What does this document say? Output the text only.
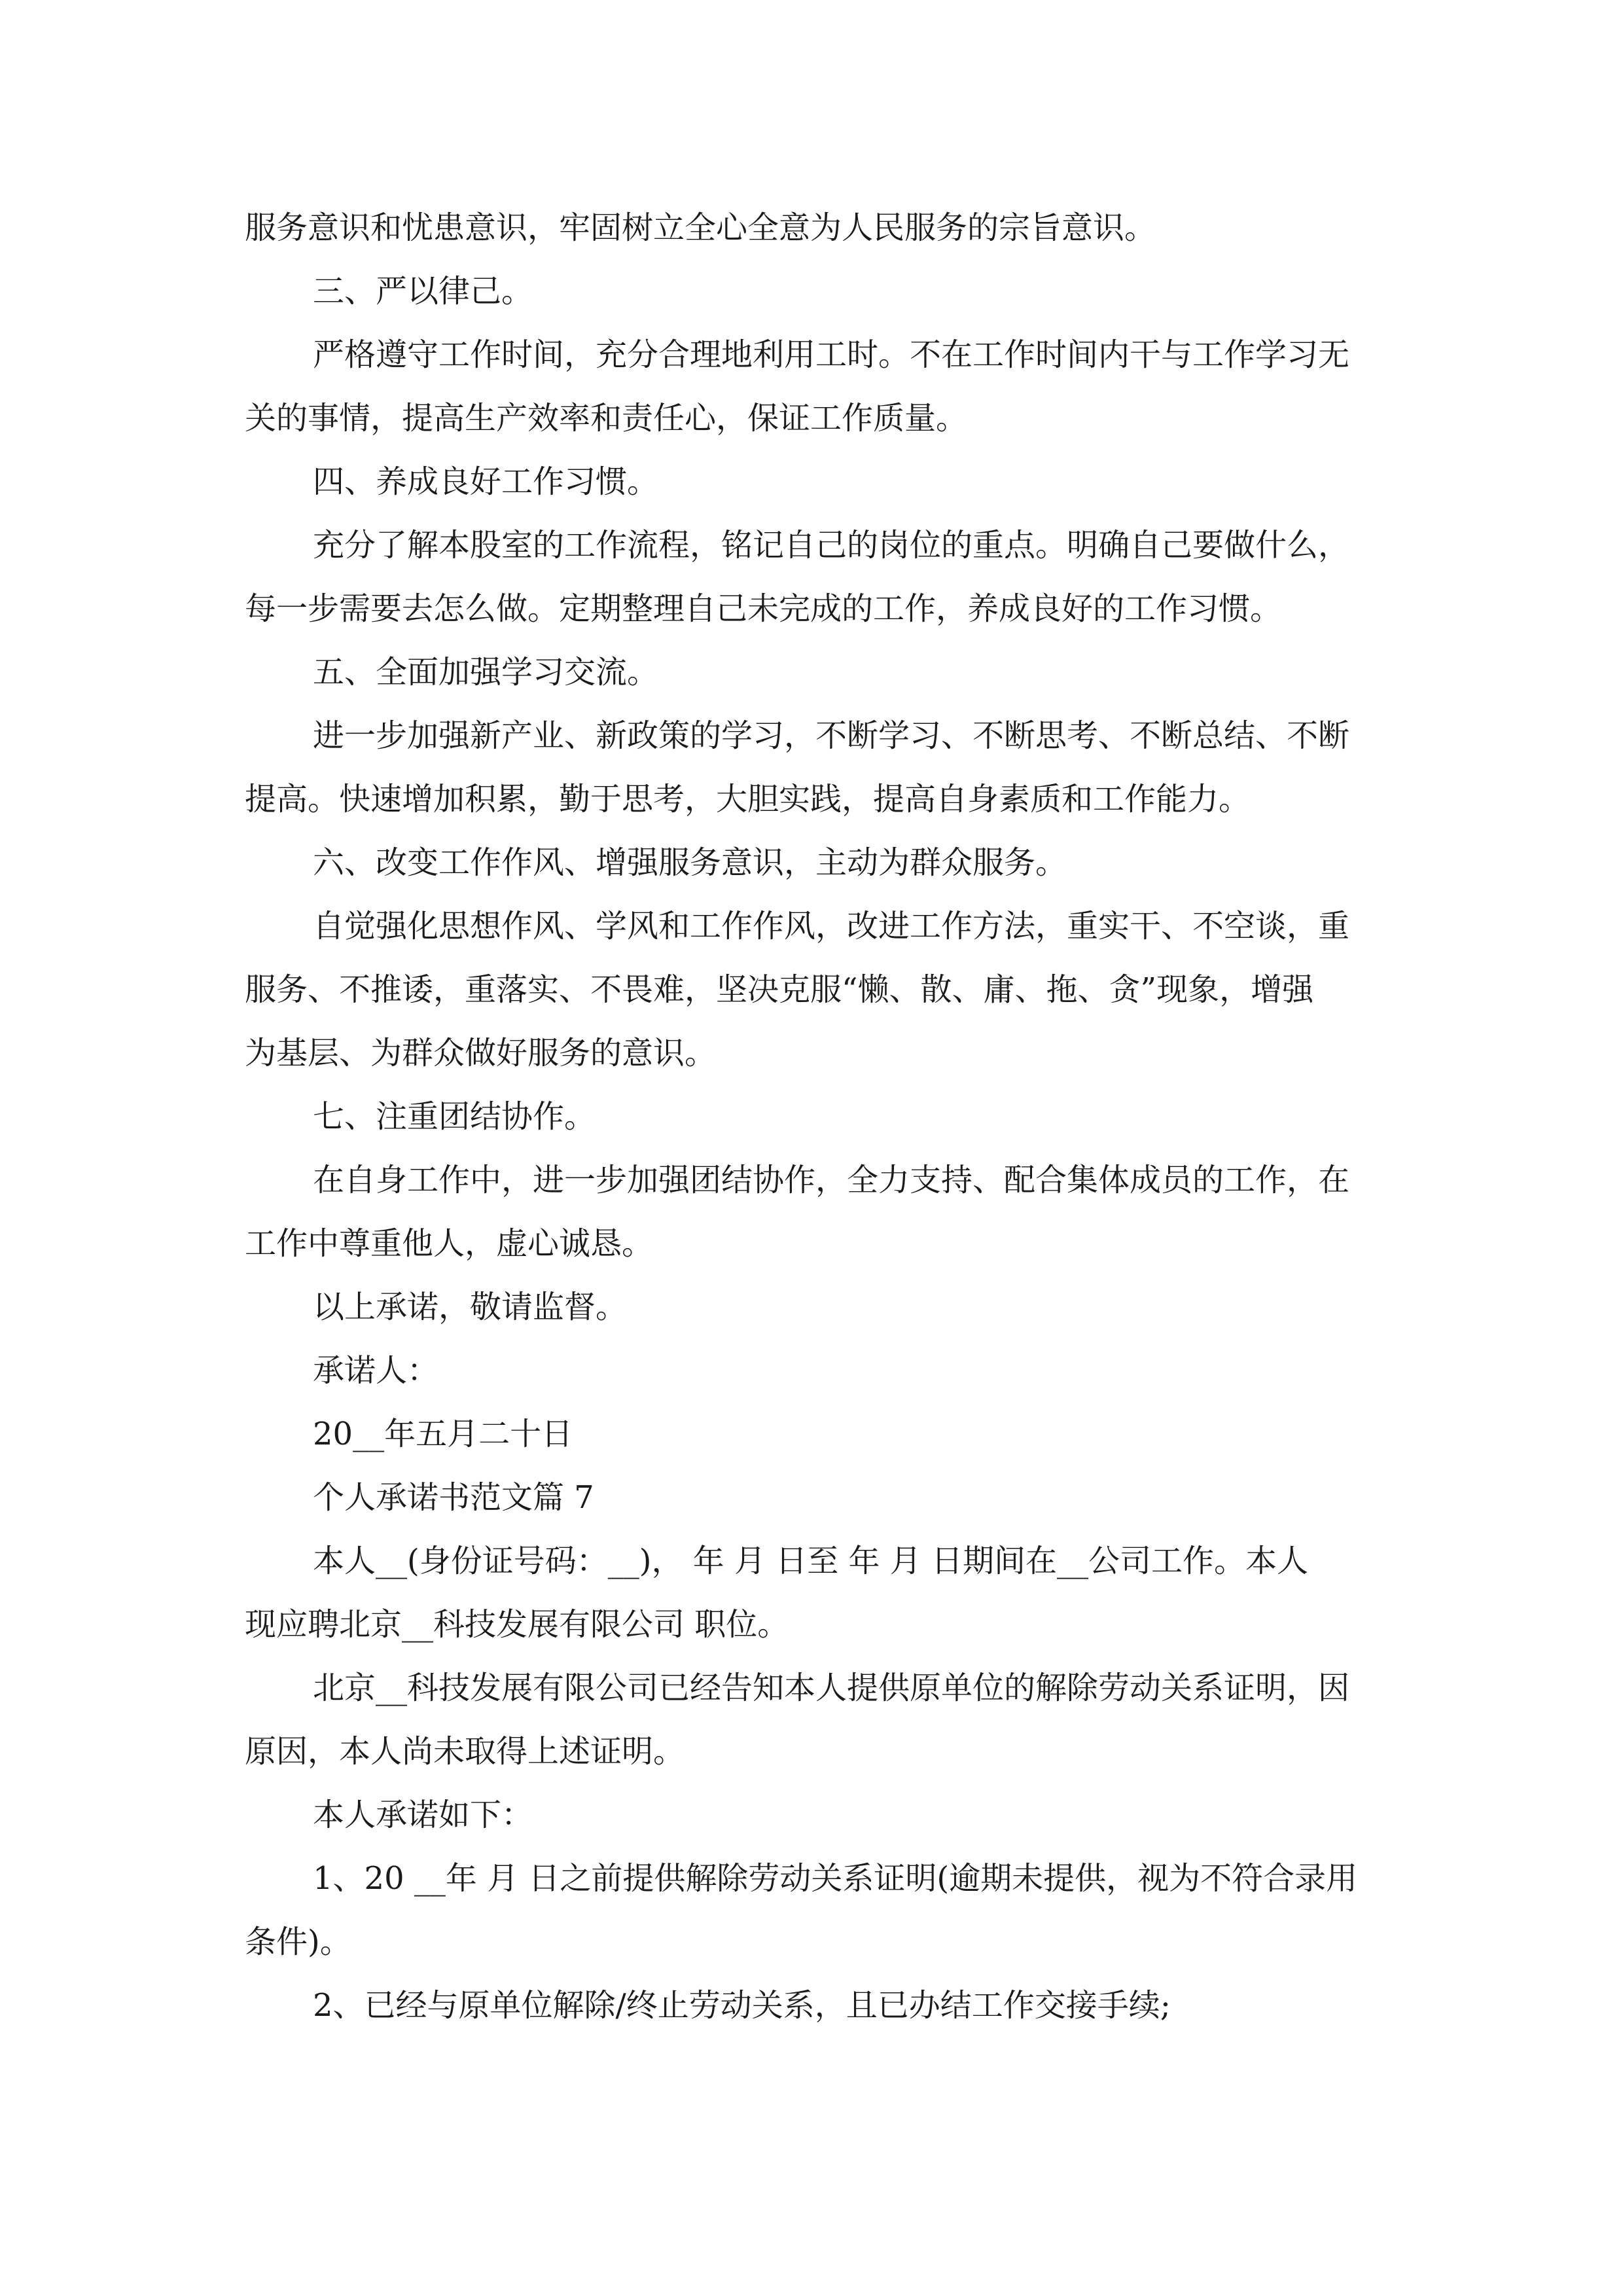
服务意识和忧患意识，牢固树立全心全意为人民服务的宗旨意识。
三、严以律己。
严格遵守工作时间，充分合理地利用工时。不在工作时间内干与工作学习无
关的事情，提高生产效率和责任心，保证工作质量。
四、养成良好工作习惯。
充分了解本股室的工作流程，铭记自己的岗位的重点。明确自己要做什么，
每一步需要去怎么做。定期整理自己未完成的工作，养成良好的工作习惯。
五、全面加强学习交流。
进一步加强新产业、新政策的学习，不断学习、不断思考、不断总结、不断
提高。快速增加积累，勤于思考，大胆实践，提高自身素质和工作能力。
六、改变工作作风、增强服务意识，主动为群众服务。
自觉强化思想作风、学风和工作作风，改进工作方法，重实干、不空谈，重
服务、不推诿，重落实、不畏难，坚决克服“懒、散、庸、拖、贪”现象，增强
为基层、为群众做好服务的意识。
七、注重团结协作。
在自身工作中，进一步加强团结协作，全力支持、配合集体成员的工作，在
工作中尊重他人，虚心诚恳。
以上承诺，敬请监督。
承诺人：
20__年五月二十日
个人承诺书范文篇 7
本人__(身份证号码：__)， 年 月 日至 年 月 日期间在__公司工作。本人
现应聘北京__科技发展有限公司 职位。
北京__科技发展有限公司已经告知本人提供原单位的解除劳动关系证明，因
原因，本人尚未取得上述证明。
本人承诺如下：
1、20 __年 月 日之前提供解除劳动关系证明(逾期未提供，视为不符合录用
条件)。
2、已经与原单位解除/终止劳动关系，且已办结工作交接手续;
